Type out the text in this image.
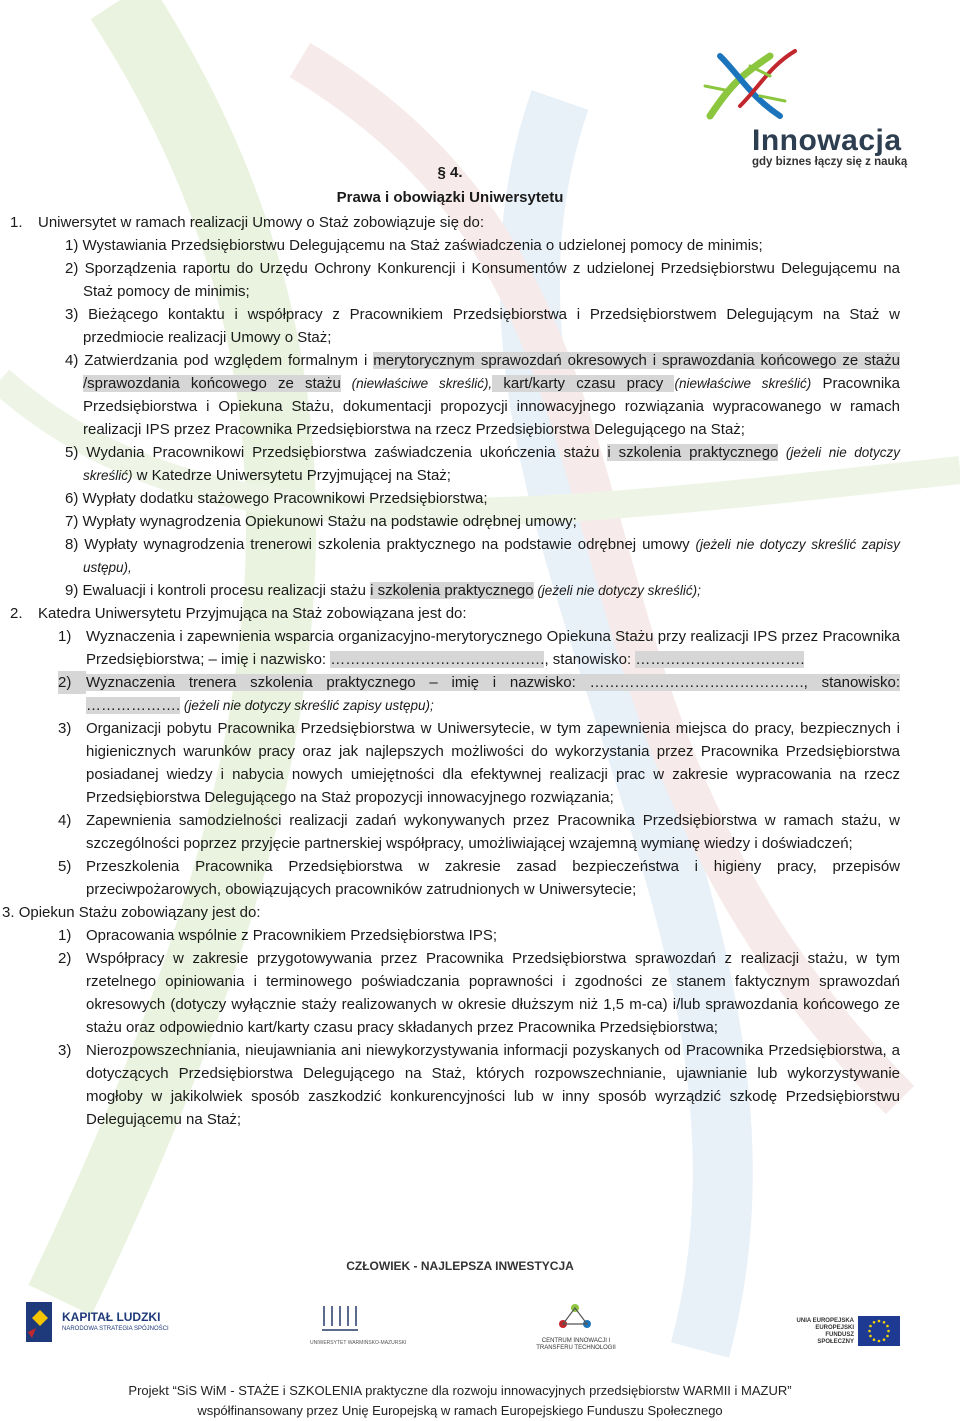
Innowacja
gdy biznes łączy się z nauką
§ 4.
Prawa i obowiązki Uniwersytetu

1. Uniwersytet w ramach realizacji Umowy o Staż zobowiązuje się do:

1) Wystawiania Przedsiębiorstwu Delegującemu na Staż zaświadczenia o udzielonej pomocy de minimis;

2) Sporządzenia raportu do Urzędu Ochrony Konkurencji i Konsumentów z udzielonej Przedsiębiorstwu Delegującemu na Staż pomocy de minimis;

3) Bieżącego kontaktu i współpracy z Pracownikiem Przedsiębiorstwa i Przedsiębiorstwem Delegującym na Staż w przedmiocie realizacji Umowy o Staż;

4) Zatwierdzania pod względem formalnym i merytorycznym sprawozdań okresowych i sprawozdania końcowego ze stażu /sprawozdania końcowego ze stażu (niewłaściwe skreślić), kart/karty czasu pracy (niewłaściwe skreślić) Pracownika Przedsiębiorstwa i Opiekuna Stażu, dokumentacji propozycji innowacyjnego rozwiązania wypracowanego w ramach realizacji IPS przez Pracownika Przedsiębiorstwa na rzecz Przedsiębiorstwa Delegującego na Staż;

5) Wydania Pracownikowi Przedsiębiorstwa zaświadczenia ukończenia stażu i szkolenia praktycznego (jeżeli nie dotyczy skreślić) w Katedrze Uniwersytetu Przyjmującej na Staż;

6) Wypłaty dodatku stażowego Pracownikowi Przedsiębiorstwa;

7) Wypłaty wynagrodzenia Opiekunowi Stażu na podstawie odrębnej umowy;

8) Wypłaty wynagrodzenia trenerowi szkolenia praktycznego na podstawie odrębnej umowy (jeżeli nie dotyczy skreślić zapisy ustępu),

9) Ewaluacji i kontroli procesu realizacji stażu i szkolenia praktycznego (jeżeli nie dotyczy skreślić);

2. Katedra Uniwersytetu Przyjmująca na Staż zobowiązana jest do:

1) Wyznaczenia i zapewnienia wsparcia organizacyjno-merytorycznego Opiekuna Stażu przy realizacji IPS przez Pracownika Przedsiębiorstwa; – imię i nazwisko: ……………………………………., stanowisko: …………………………….

2) Wyznaczenia trenera szkolenia praktycznego – imię i nazwisko: ……………………………………., stanowisko: ………………. (jeżeli nie dotyczy skreślić zapisy ustępu);

3) Organizacji pobytu Pracownika Przedsiębiorstwa w Uniwersytecie, w tym zapewnienia miejsca do pracy, bezpiecznych i higienicznych warunków pracy oraz jak najlepszych możliwości do wykorzystania przez Pracownika Przedsiębiorstwa posiadanej wiedzy i nabycia nowych umiejętności dla efektywnej realizacji prac w zakresie wypracowania na rzecz Przedsiębiorstwa Delegującego na Staż propozycji innowacyjnego rozwiązania;

4) Zapewnienia samodzielności realizacji zadań wykonywanych przez Pracownika Przedsiębiorstwa w ramach stażu, w szczególności poprzez przyjęcie partnerskiej współpracy, umożliwiającej wzajemną wymianę wiedzy i doświadczeń;

5) Przeszkolenia Pracownika Przedsiębiorstwa w zakresie zasad bezpieczeństwa i higieny pracy, przepisów przeciwpożarowych, obowiązujących pracowników zatrudnionych w Uniwersytecie;

3. Opiekun Stażu zobowiązany jest do:

1) Opracowania wspólnie z Pracownikiem Przedsiębiorstwa IPS;

2) Współpracy w zakresie przygotowywania przez Pracownika Przedsiębiorstwa sprawozdań z realizacji stażu, w tym rzetelnego opiniowania i terminowego poświadczania poprawności i zgodności ze stanem faktycznym sprawozdań okresowych (dotyczy wyłącznie staży realizowanych w okresie dłuższym niż 1,5 m-ca) i/lub sprawozdania końcowego ze stażu oraz odpowiednio kart/karty czasu pracy składanych przez Pracownika Przedsiębiorstwa;

3) Nierozpowszechniania, nieujawniania ani niewykorzystywania informacji pozyskanych od Pracownika Przedsiębiorstwa, a dotyczących Przedsiębiorstwa Delegującego na Staż, których rozpowszechnianie, ujawnianie lub wykorzystywanie mogłoby w jakikolwiek sposób zaszkodzić konkurencyjności lub w inny sposób wyrządzić szkodę Przedsiębiorstwu Delegującemu na Staż;

CZŁOWIEK - NAJLEPSZA INWESTYCJA
KAPITAŁ LUDZKI
NARODOWA STRATEGIA SPÓJNOŚCI
UNIWERSYTET WARMIŃSKO-MAZURSKI	CENTRUM INNOWACJI I TRANSFERU TECHNOLOGII
UNIA EUROPEJSKA EUROPEJSKI FUNDUSZ SPOŁECZNY
Projekt “SiS WiM - STAŻE i SZKOLENIA praktyczne dla rozwoju innowacyjnych przedsiębiorstw WARMII i MAZUR”
współfinansowany przez Unię Europejską w ramach Europejskiego Funduszu Społecznego
